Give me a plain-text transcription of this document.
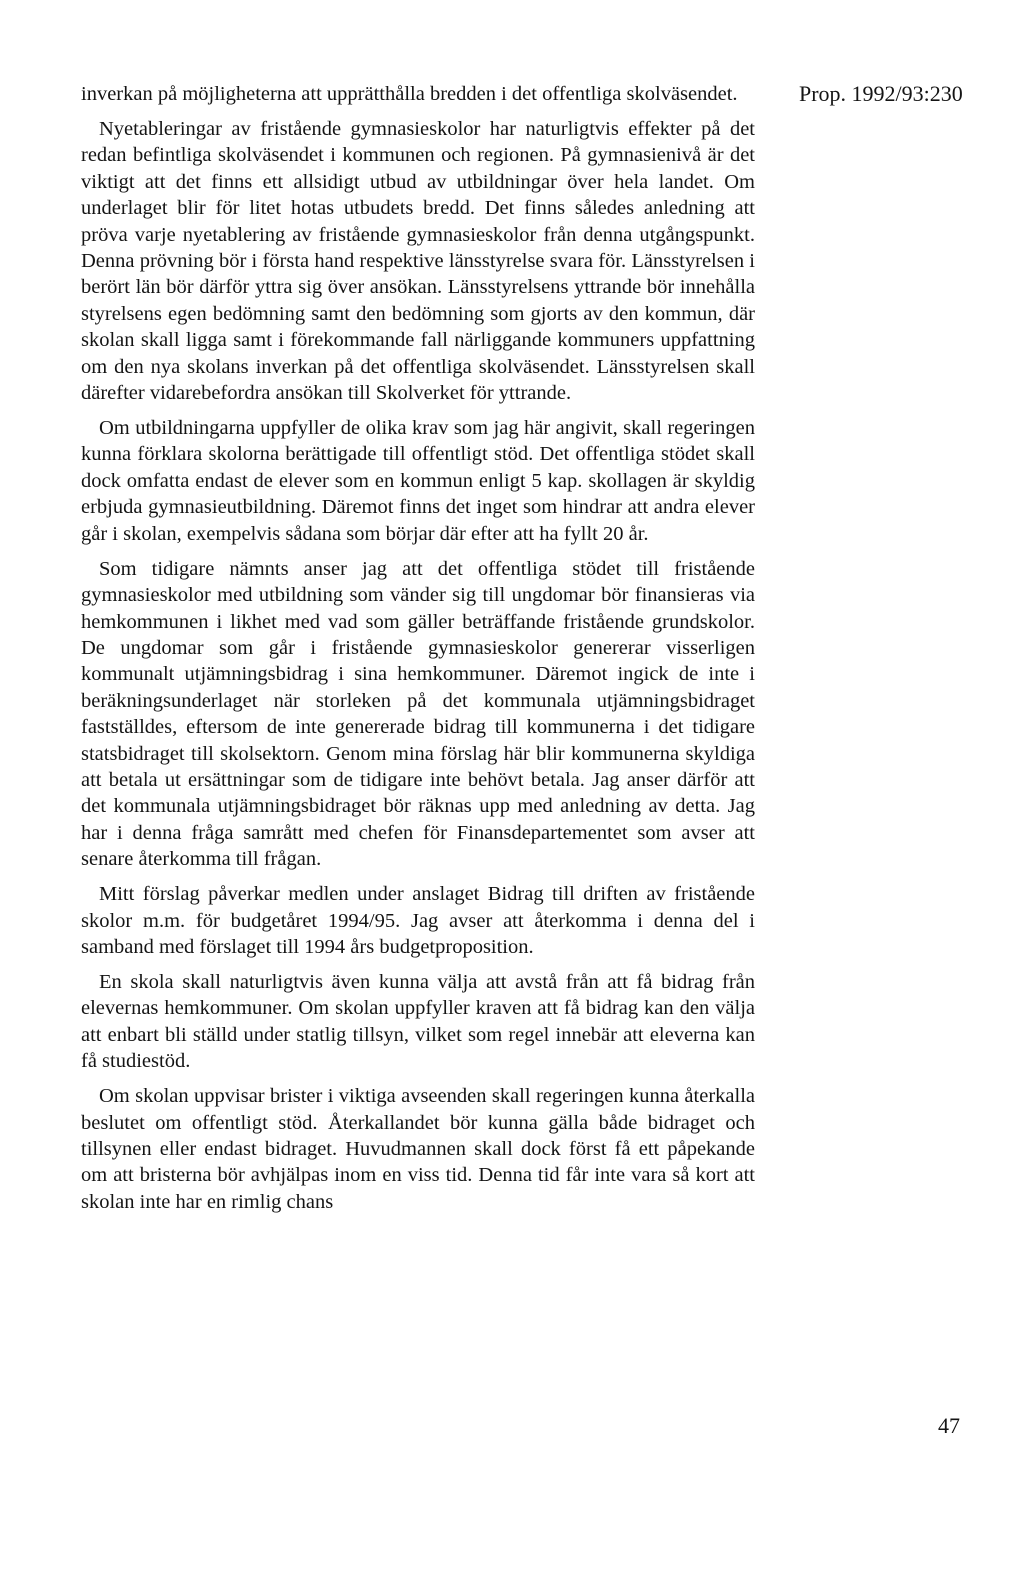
Prop. 1992/93:230

inverkan på möjligheterna att upprätthålla bredden i det offentliga skolväsendet.

Nyetableringar av fristående gymnasieskolor har naturligtvis effekter på det redan befintliga skolväsendet i kommunen och regionen. På gymnasienivå är det viktigt att det finns ett allsidigt utbud av utbildningar över hela landet. Om underlaget blir för litet hotas utbudets bredd. Det finns således anledning att pröva varje nyetablering av fristående gymnasieskolor från denna utgångspunkt. Denna prövning bör i första hand respektive länsstyrelse svara för. Länsstyrelsen i berört län bör därför yttra sig över ansökan. Länsstyrelsens yttrande bör innehålla styrelsens egen bedömning samt den bedömning som gjorts av den kommun, där skolan skall ligga samt i förekommande fall närliggande kommuners uppfattning om den nya skolans inverkan på det offentliga skolväsendet. Länsstyrelsen skall därefter vidarebefordra ansökan till Skolverket för yttrande.

Om utbildningarna uppfyller de olika krav som jag här angivit, skall regeringen kunna förklara skolorna berättigade till offentligt stöd. Det offentliga stödet skall dock omfatta endast de elever som en kommun enligt 5 kap. skollagen är skyldig erbjuda gymnasieutbildning. Däremot finns det inget som hindrar att andra elever går i skolan, exempelvis sådana som börjar där efter att ha fyllt 20 år.

Som tidigare nämnts anser jag att det offentliga stödet till fristående gymnasieskolor med utbildning som vänder sig till ungdomar bör finansieras via hemkommunen i likhet med vad som gäller beträffande fristående grundskolor. De ungdomar som går i fristående gymnasieskolor genererar visserligen kommunalt utjämningsbidrag i sina hemkommuner. Däremot ingick de inte i beräkningsunderlaget när storleken på det kommunala utjämningsbidraget fastställdes, eftersom de inte genererade bidrag till kommunerna i det tidigare statsbidraget till skolsektorn. Genom mina förslag här blir kommunerna skyldiga att betala ut ersättningar som de tidigare inte behövt betala. Jag anser därför att det kommunala utjämningsbidraget bör räknas upp med anledning av detta. Jag har i denna fråga samrått med chefen för Finansdepartementet som avser att senare återkomma till frågan.

Mitt förslag påverkar medlen under anslaget Bidrag till driften av fristående skolor m.m. för budgetåret 1994/95. Jag avser att återkomma i denna del i samband med förslaget till 1994 års budgetproposition.

En skola skall naturligtvis även kunna välja att avstå från att få bidrag från elevernas hemkommuner. Om skolan uppfyller kraven att få bidrag kan den välja att enbart bli ställd under statlig tillsyn, vilket som regel innebär att eleverna kan få studiestöd.

Om skolan uppvisar brister i viktiga avseenden skall regeringen kunna återkalla beslutet om offentligt stöd. Återkallandet bör kunna gälla både bidraget och tillsynen eller endast bidraget. Huvudmannen skall dock först få ett påpekande om att bristerna bör avhjälpas inom en viss tid. Denna tid får inte vara så kort att skolan inte har en rimlig chans

47
